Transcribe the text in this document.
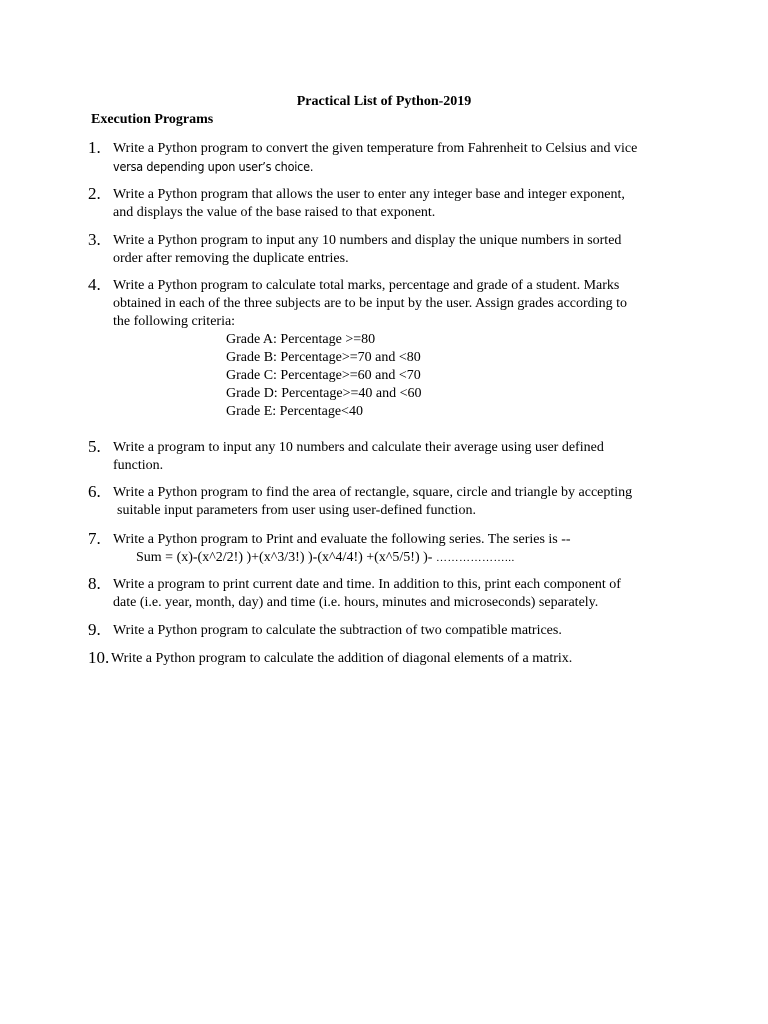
Practical List of Python-2019
Execution Programs
1. Write a Python program to convert the given temperature from Fahrenheit to Celsius and vice
versa depending upon user’s choice.
2. Write a Python program that allows the user to enter any integer base and integer exponent,
and displays the value of the base raised to that exponent.
3. Write a Python program to input any 10 numbers and display the unique numbers in sorted
order after removing the duplicate entries.
4. Write a Python program to calculate total marks, percentage and grade of a student. Marks
obtained in each of the three subjects are to be input by the user. Assign grades according to
the following criteria:
Grade A: Percentage >=80
Grade B: Percentage>=70 and <80
Grade C: Percentage>=60 and <70
Grade D: Percentage>=40 and <60
Grade E: Percentage<40
5. Write a program to input any 10 numbers and calculate their average using user defined
function.
6. Write a Python program to find the area of rectangle, square, circle and triangle by accepting
suitable input parameters from user using user-defined function.
7. Write a Python program to Print and evaluate the following series. The series is --
Sum = (x)-(x^2/2!) )+(x^3/3!) )-(x^4/4!) +(x^5/5!) )- ………………...
8. Write a program to print current date and time. In addition to this, print each component of
date (i.e. year, month, day) and time (i.e. hours, minutes and microseconds) separately.
9. Write a Python program to calculate the subtraction of two compatible matrices.
10. Write a Python program to calculate the addition of diagonal elements of a matrix.
